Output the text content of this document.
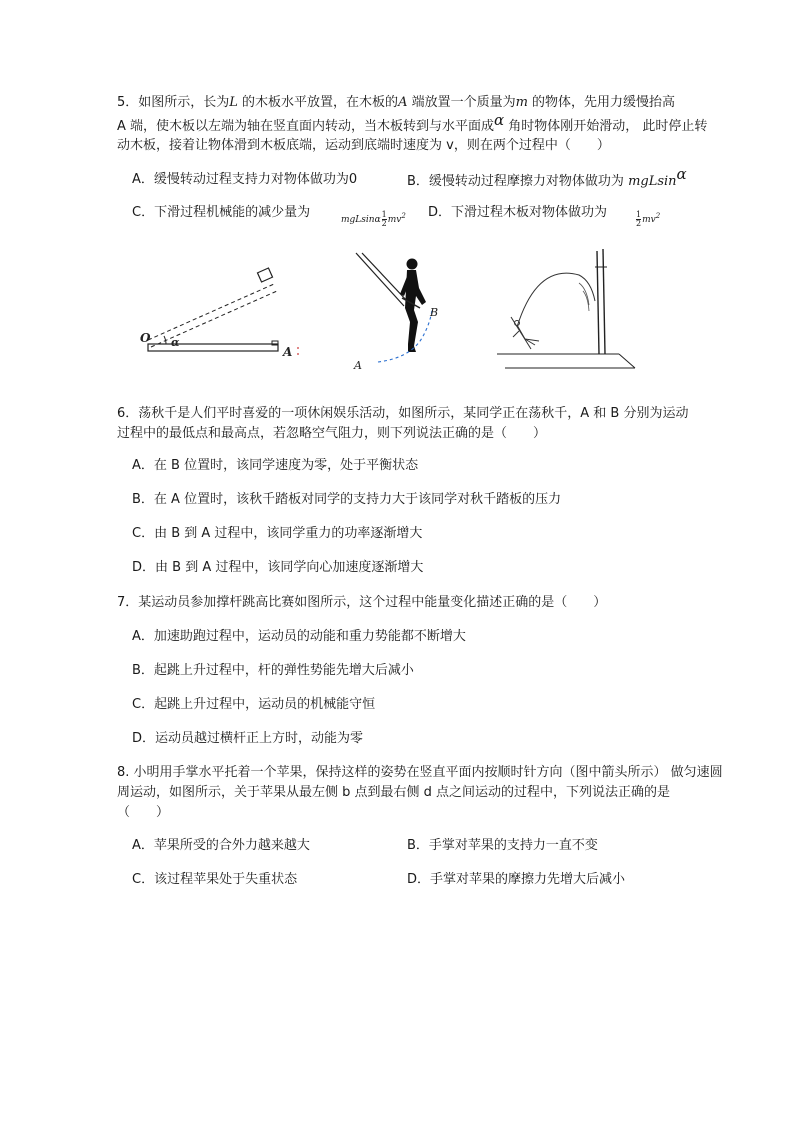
5．如图所示，长为L 的木板水平放置，在木板的A 端放置一个质量为m 的物体，先用力缓慢抬高
A 端，使木板以左端为轴在竖直面内转动，当木板转到与水平面成α 角时物体刚开始滑动， 此时停止转
动木板，接着让物体滑到木板底端，运动到底端时速度为 v，则在两个过程中（　　）
A．缓慢转动过程支持力对物体做功为0	B．缓慢转动过程摩擦力对物体做功为 mgLsinα
C．下滑过程机械能的减少量为	mgLsinα $\frac{1}{2} mv^2$ D．下滑过程木板对物体做功为	$\frac{1}{2} mv^2$
O α
A
B
A
6．荡秋千是人们平时喜爱的一项休闲娱乐活动，如图所示，某同学正在荡秋千，A 和 B 分别为运动
过程中的最低点和最高点，若忽略空气阻力，则下列说法正确的是（　　）
A．在 B 位置时，该同学速度为零，处于平衡状态
B．在 A 位置时，该秋千踏板对同学的支持力大于该同学对秋千踏板的压力
C．由 B 到 A 过程中，该同学重力的功率逐渐增大
D．由 B 到 A 过程中，该同学向心加速度逐渐增大
7．某运动员参加撑杆跳高比赛如图所示，这个过程中能量变化描述正确的是（　　）
A．加速助跑过程中，运动员的动能和重力势能都不断增大
B．起跳上升过程中，杆的弹性势能先增大后减小
C．起跳上升过程中，运动员的机械能守恒
D．运动员越过横杆正上方时，动能为零
8. 小明用手掌水平托着一个苹果，保持这样的姿势在竖直平面内按顺时针方向（图中箭头所示） 做匀速圆
周运动，如图所示，关于苹果从最左侧 b 点到最右侧 d 点之间运动的过程中，下列说法正确的是
（　　）
A．苹果所受的合外力越来越大	B．手掌对苹果的支持力一直不变
C．该过程苹果处于失重状态	D．手掌对苹果的摩擦力先增大后减小
